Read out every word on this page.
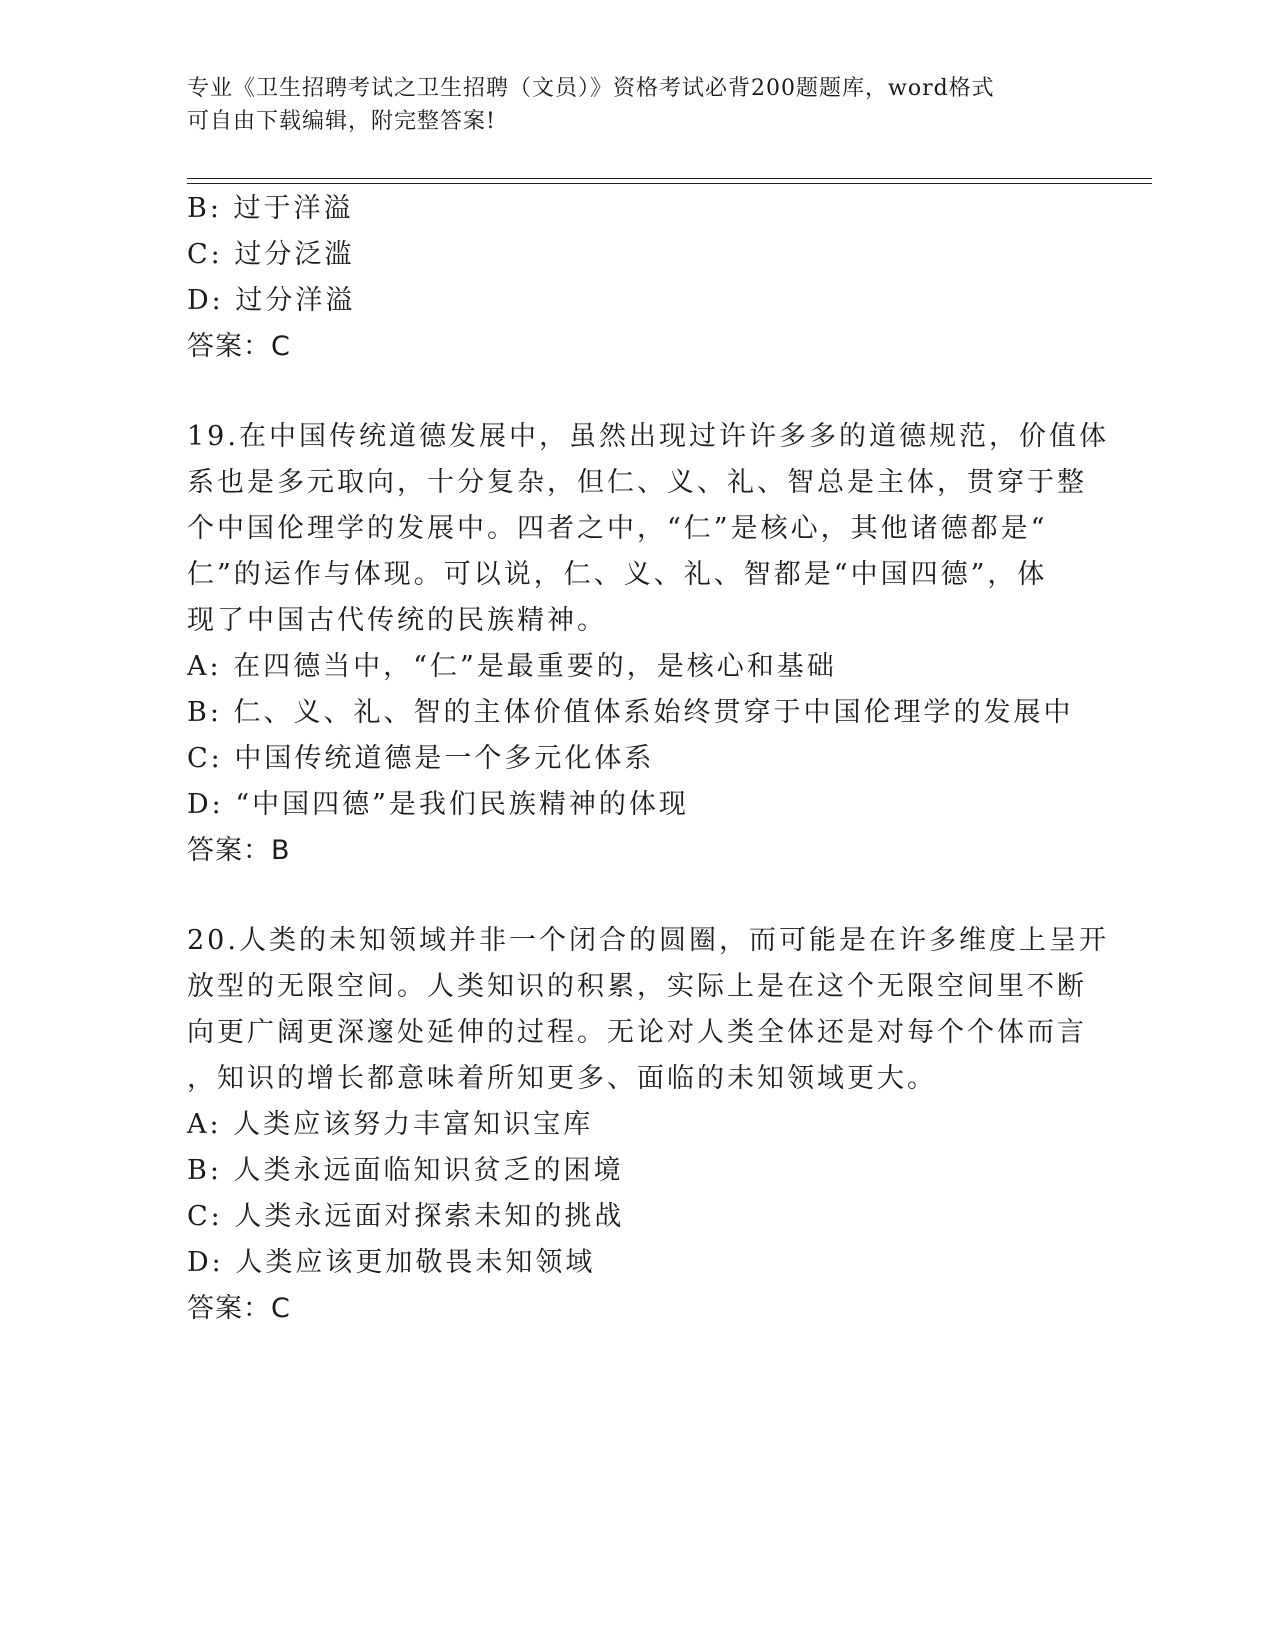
专业《卫生招聘考试之卫生招聘（文员）》资格考试必背200题题库，word格式
可自由下载编辑，附完整答案!
B: 过于洋溢
C: 过分泛滥
D: 过分洋溢
答案：C
19.在中国传统道德发展中，虽然出现过许许多多的道德规范，价值体
系也是多元取向，十分复杂，但仁、义、礼、智总是主体，贯穿于整
个中国伦理学的发展中。四者之中，“仁”是核心，其他诸德都是“
仁”的运作与体现。可以说，仁、义、礼、智都是“中国四德”，体
现了中国古代传统的民族精神。
A: 在四德当中，“仁”是最重要的，是核心和基础
B: 仁、义、礼、智的主体价值体系始终贯穿于中国伦理学的发展中
C: 中国传统道德是一个多元化体系
D: “中国四德”是我们民族精神的体现
答案：B
20.人类的未知领域并非一个闭合的圆圈，而可能是在许多维度上呈开
放型的无限空间。人类知识的积累，实际上是在这个无限空间里不断
向更广阔更深邃处延伸的过程。无论对人类全体还是对每个个体而言
，知识的增长都意味着所知更多、面临的未知领域更大。
A: 人类应该努力丰富知识宝库
B: 人类永远面临知识贫乏的困境
C: 人类永远面对探索未知的挑战
D: 人类应该更加敬畏未知领域
答案：C
